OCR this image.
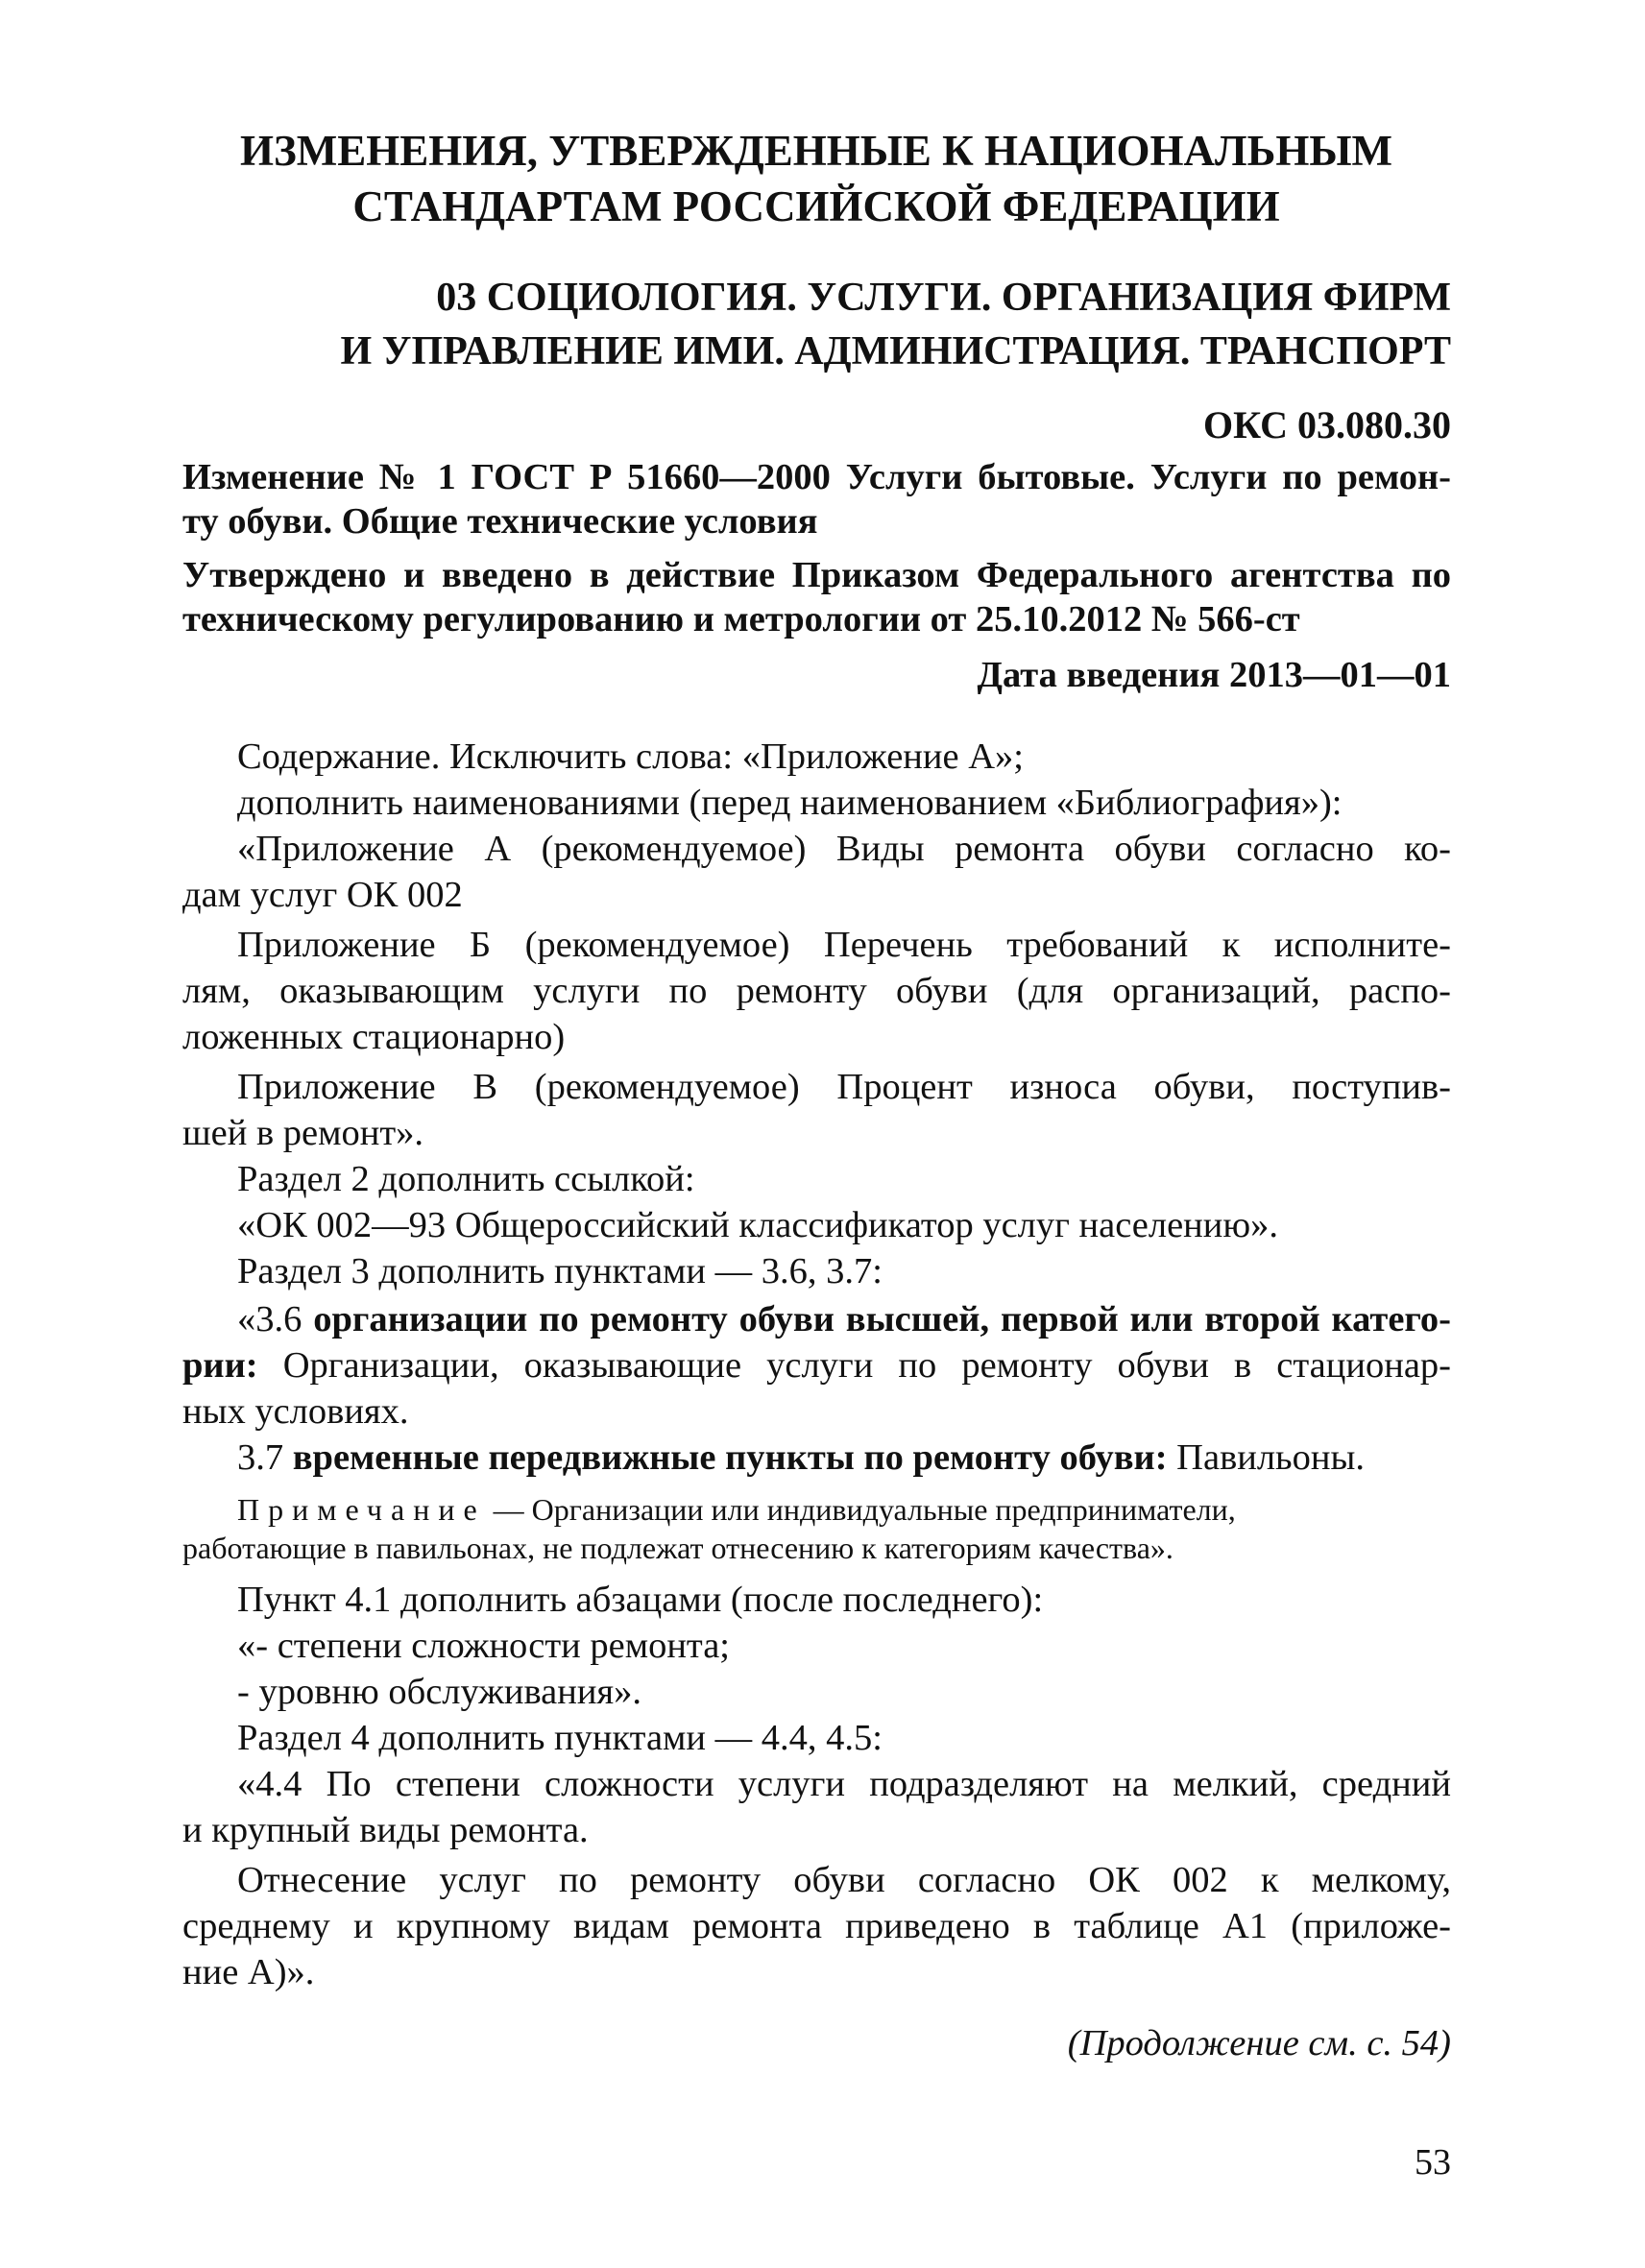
ИЗМЕНЕНИЯ, УТВЕРЖДЕННЫЕ К НАЦИОНАЛЬНЫМ
СТАНДАРТАМ РОССИЙСКОЙ ФЕДЕРАЦИИ
03 СОЦИОЛОГИЯ. УСЛУГИ. ОРГАНИЗАЦИЯ ФИРМ
И УПРАВЛЕНИЕ ИМИ. АДМИНИСТРАЦИЯ. ТРАНСПОРТ
ОКС 03.080.30
Изменение № 1 ГОСТ Р 51660—2000 Услуги бытовые. Услуги по ремон-
ту обуви. Общие технические условия
Утверждено и введено в действие Приказом Федерального агентства по
техническому регулированию и метрологии от 25.10.2012 № 566-ст
Дата введения 2013—01—01
Содержание. Исключить слова: «Приложение А»;
дополнить наименованиями (перед наименованием «Библиография»):
«Приложение А (рекомендуемое) Виды ремонта обуви согласно ко-
дам услуг ОК 002
Приложение Б (рекомендуемое) Перечень требований к исполните-
лям, оказывающим услуги по ремонту обуви (для организаций, распо-
ложенных стационарно)
Приложение В (рекомендуемое) Процент износа обуви, поступив-
шей в ремонт».
Раздел 2 дополнить ссылкой:
«ОК 002—93 Общероссийский классификатор услуг населению».
Раздел 3 дополнить пунктами — 3.6, 3.7:
«3.6 организации по ремонту обуви высшей, первой или второй катего-
рии: Организации, оказывающие услуги по ремонту обуви в стационар-
ных условиях.
3.7 временные передвижные пункты по ремонту обуви: Павильоны.
Примечание — Организации или индивидуальные предприниматели,
работающие в павильонах, не подлежат отнесению к категориям качества».
Пункт 4.1 дополнить абзацами (после последнего):
«- степени сложности ремонта;
- уровню обслуживания».
Раздел 4 дополнить пунктами — 4.4, 4.5:
«4.4 По степени сложности услуги подразделяют на мелкий, средний
и крупный виды ремонта.
Отнесение услуг по ремонту обуви согласно ОК 002 к мелкому,
среднему и крупному видам ремонта приведено в таблице А1 (приложе-
ние А)».
(Продолжение см. с. 54)
53
